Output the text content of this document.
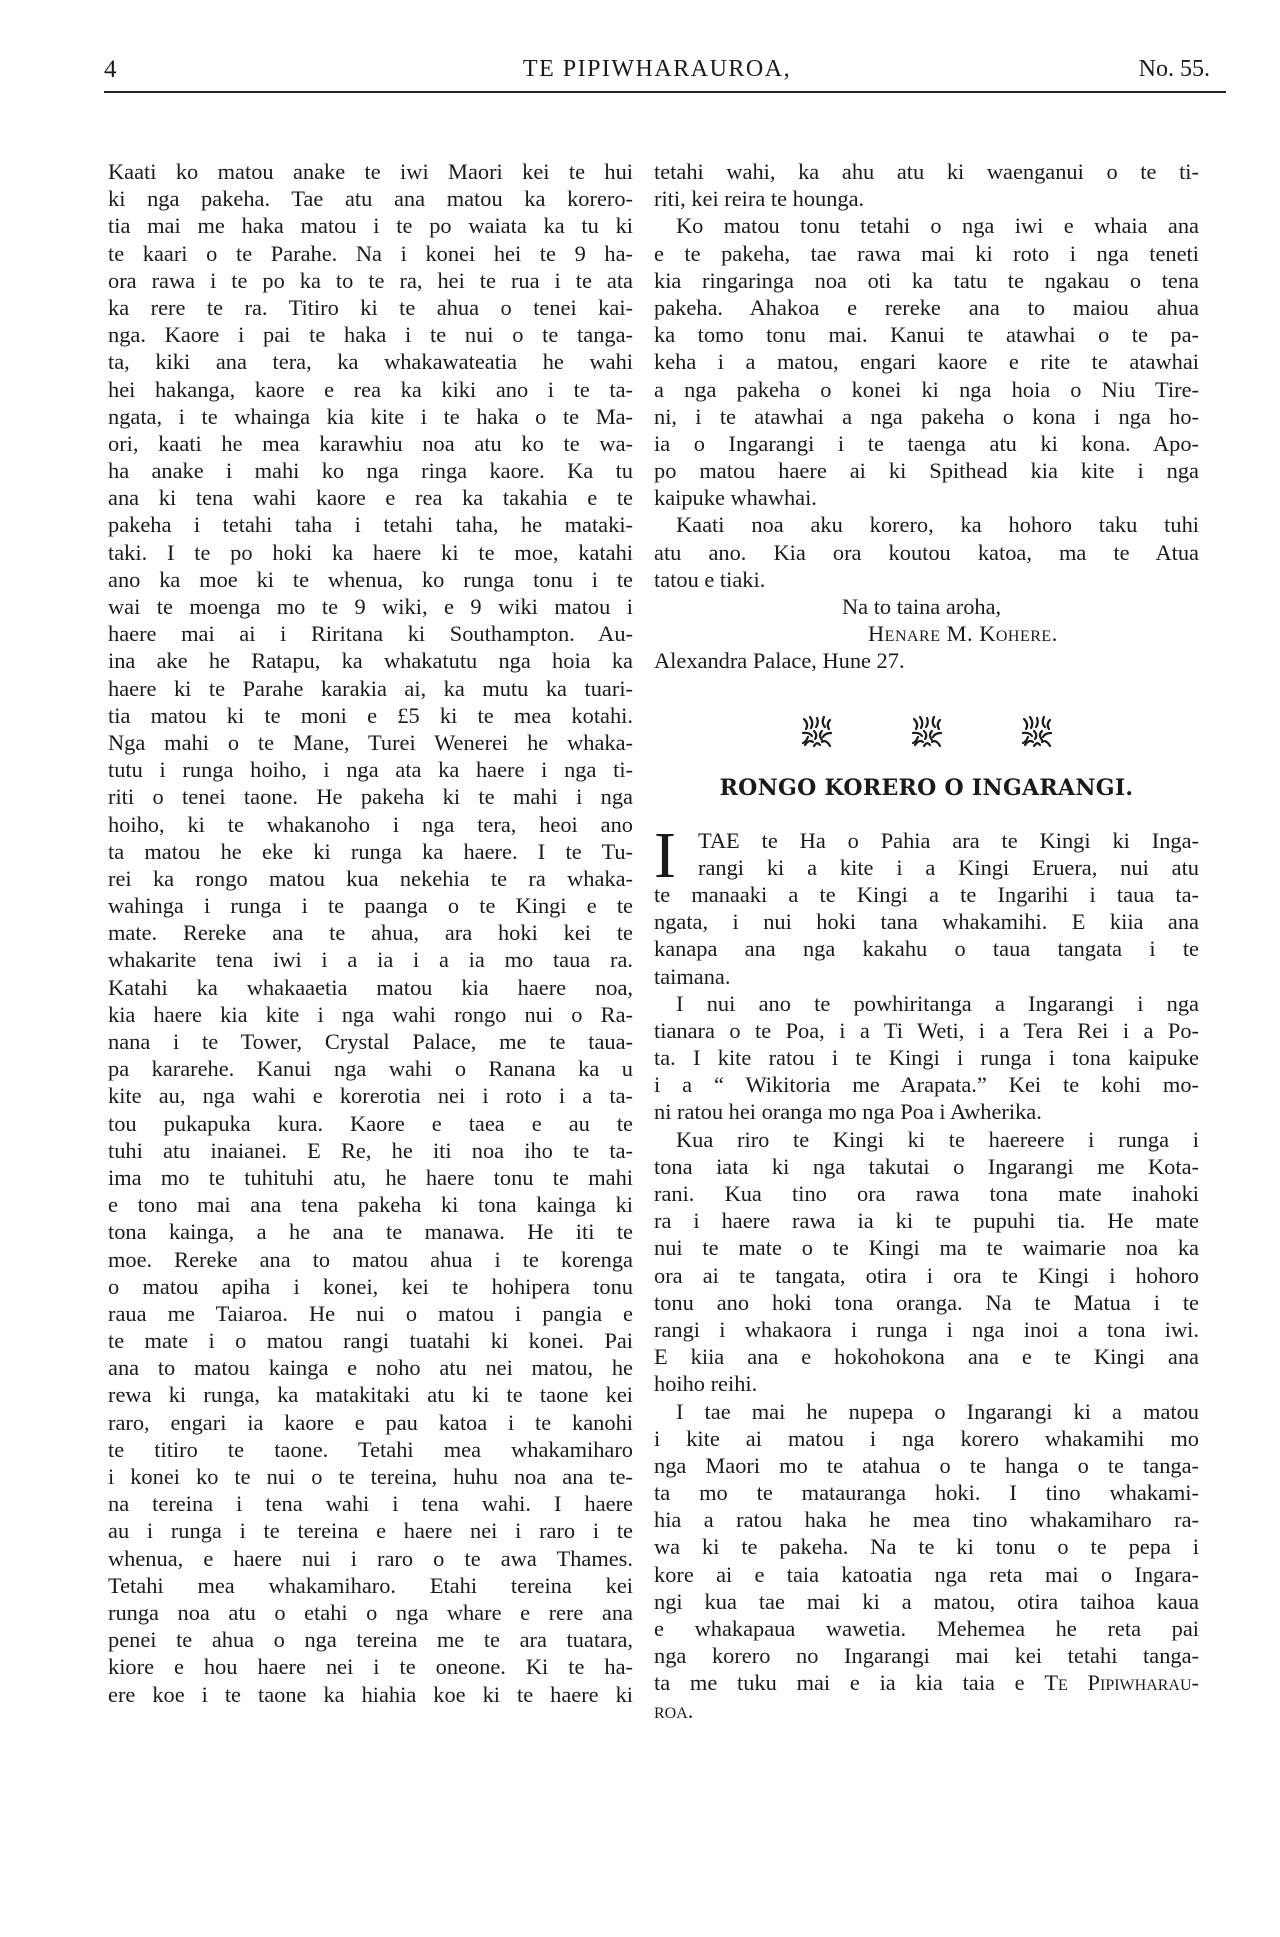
4	TE PIPIWHARAUROA,	No. 55.
Kaati ko matou anake te iwi Maori kei te hui
ki nga pakeha. Tae atu ana matou ka korero-
tia mai me haka matou i te po waiata ka tu ki
te kaari o te Parahe. Na i konei hei te 9 ha-
ora rawa i te po ka to te ra, hei te rua i te ata
ka rere te ra. Titiro ki te ahua o tenei kai-
nga. Kaore i pai te haka i te nui o te tanga-
ta, kiki ana tera, ka whakawateatia he wahi
hei hakanga, kaore e rea ka kiki ano i te ta-
ngata, i te whainga kia kite i te haka o te Ma-
ori, kaati he mea karawhiu noa atu ko te wa-
ha anake i mahi ko nga ringa kaore. Ka tu
ana ki tena wahi kaore e rea ka takahia e te
pakeha i tetahi taha i tetahi taha, he mataki-
taki. I te po hoki ka haere ki te moe, katahi
ano ka moe ki te whenua, ko runga tonu i te
wai te moenga mo te 9 wiki, e 9 wiki matou i
haere mai ai i Riritana ki Southampton. Au-
ina ake he Ratapu, ka whakatutu nga hoia ka
haere ki te Parahe karakia ai, ka mutu ka tuari-
tia matou ki te moni e £5 ki te mea kotahi.
Nga mahi o te Mane, Turei Wenerei he whaka-
tutu i runga hoiho, i nga ata ka haere i nga ti-
riti o tenei taone. He pakeha ki te mahi i nga
hoiho, ki te whakanoho i nga tera, heoi ano
ta matou he eke ki runga ka haere. I te Tu-
rei ka rongo matou kua nekehia te ra whaka-
wahinga i runga i te paanga o te Kingi e te
mate. Rereke ana te ahua, ara hoki kei te
whakarite tena iwi i a ia i a ia mo taua ra.
Katahi ka whakaaetia matou kia haere noa,
kia haere kia kite i nga wahi rongo nui o Ra-
nana i te Tower, Crystal Palace, me te taua-
pa kararehe. Kanui nga wahi o Ranana ka u
kite au, nga wahi e korerotia nei i roto i a ta-
tou pukapuka kura. Kaore e taea e au te
tuhi atu inaianei. E Re, he iti noa iho te ta-
ima mo te tuhituhi atu, he haere tonu te mahi
e tono mai ana tena pakeha ki tona kainga ki
tona kainga, a he ana te manawa. He iti te
moe. Rereke ana to matou ahua i te korenga
o matou apiha i konei, kei te hohipera tonu
raua me Taiaroa. He nui o matou i pangia e
te mate i o matou rangi tuatahi ki konei. Pai
ana to matou kainga e noho atu nei matou, he
rewa ki runga, ka matakitaki atu ki te taone kei
raro, engari ia kaore e pau katoa i te kanohi
te titiro te taone. Tetahi mea whakamiharo
i konei ko te nui o te tereina, huhu noa ana te-
na tereina i tena wahi i tena wahi. I haere
au i runga i te tereina e haere nei i raro i te
whenua, e haere nui i raro o te awa Thames.
Tetahi mea whakamiharo. Etahi tereina kei
runga noa atu o etahi o nga whare e rere ana
penei te ahua o nga tereina me te ara tuatara,
kiore e hou haere nei i te oneone. Ki te ha-
ere koe i te taone ka hiahia koe ki te haere ki
tetahi wahi, ka ahu atu ki waenganui o te ti-
riti, kei reira te hounga.
Ko matou tonu tetahi o nga iwi e whaia ana
e te pakeha, tae rawa mai ki roto i nga teneti
kia ringaringa noa oti ka tatu te ngakau o tena
pakeha. Ahakoa e rereke ana to maiou ahua
ka tomo tonu mai. Kanui te atawhai o te pa-
keha i a matou, engari kaore e rite te atawhai
a nga pakeha o konei ki nga hoia o Niu Tire-
ni, i te atawhai a nga pakeha o kona i nga ho-
ia o Ingarangi i te taenga atu ki kona. Apo-
po matou haere ai ki Spithead kia kite i nga
kaipuke whawhai.
Kaati noa aku korero, ka hohoro taku tuhi
atu ano. Kia ora koutou katoa, ma te Atua
tatou e tiaki.
Na to taina aroha,
Henare M. Kohere.
Alexandra Palace, Hune 27.
RONGO KORERO O INGARANGI.
I TAE te Ha o Pahia ara te Kingi ki Inga-
rangi ki a kite i a Kingi Eruera, nui atu
te manaaki a te Kingi a te Ingarihi i taua ta-
ngata, i nui hoki tana whakamihi. E kiia ana
kanapa ana nga kakahu o taua tangata i te
taimana.
I nui ano te powhiritanga a Ingarangi i nga
tianara o te Poa, i a Ti Weti, i a Tera Rei i a Po-
ta. I kite ratou i te Kingi i runga i tona kaipuke
i a “ Wikitoria me Arapata.” Kei te kohi mo-
ni ratou hei oranga mo nga Poa i Awherika.
Kua riro te Kingi ki te haereere i runga i
tona iata ki nga takutai o Ingarangi me Kota-
rani. Kua tino ora rawa tona mate inahoki
ra i haere rawa ia ki te pupuhi tia. He mate
nui te mate o te Kingi ma te waimarie noa ka
ora ai te tangata, otira i ora te Kingi i hohoro
tonu ano hoki tona oranga. Na te Matua i te
rangi i whakaora i runga i nga inoi a tona iwi.
E kiia ana e hokohokona ana e te Kingi ana
hoiho reihi.
I tae mai he nupepa o Ingarangi ki a matou
i kite ai matou i nga korero whakamihi mo
nga Maori mo te atahua o te hanga o te tanga-
ta mo te matauranga hoki. I tino whakami-
hia a ratou haka he mea tino whakamiharo ra-
wa ki te pakeha. Na te ki tonu o te pepa i
kore ai e taia katoatia nga reta mai o Ingara-
ngi kua tae mai ki a matou, otira taihoa kaua
e whakapaua wawetia. Mehemea he reta pai
nga korero no Ingarangi mai kei tetahi tanga-
ta me tuku mai e ia kia taia e Te Pipiwharau-
roa.
